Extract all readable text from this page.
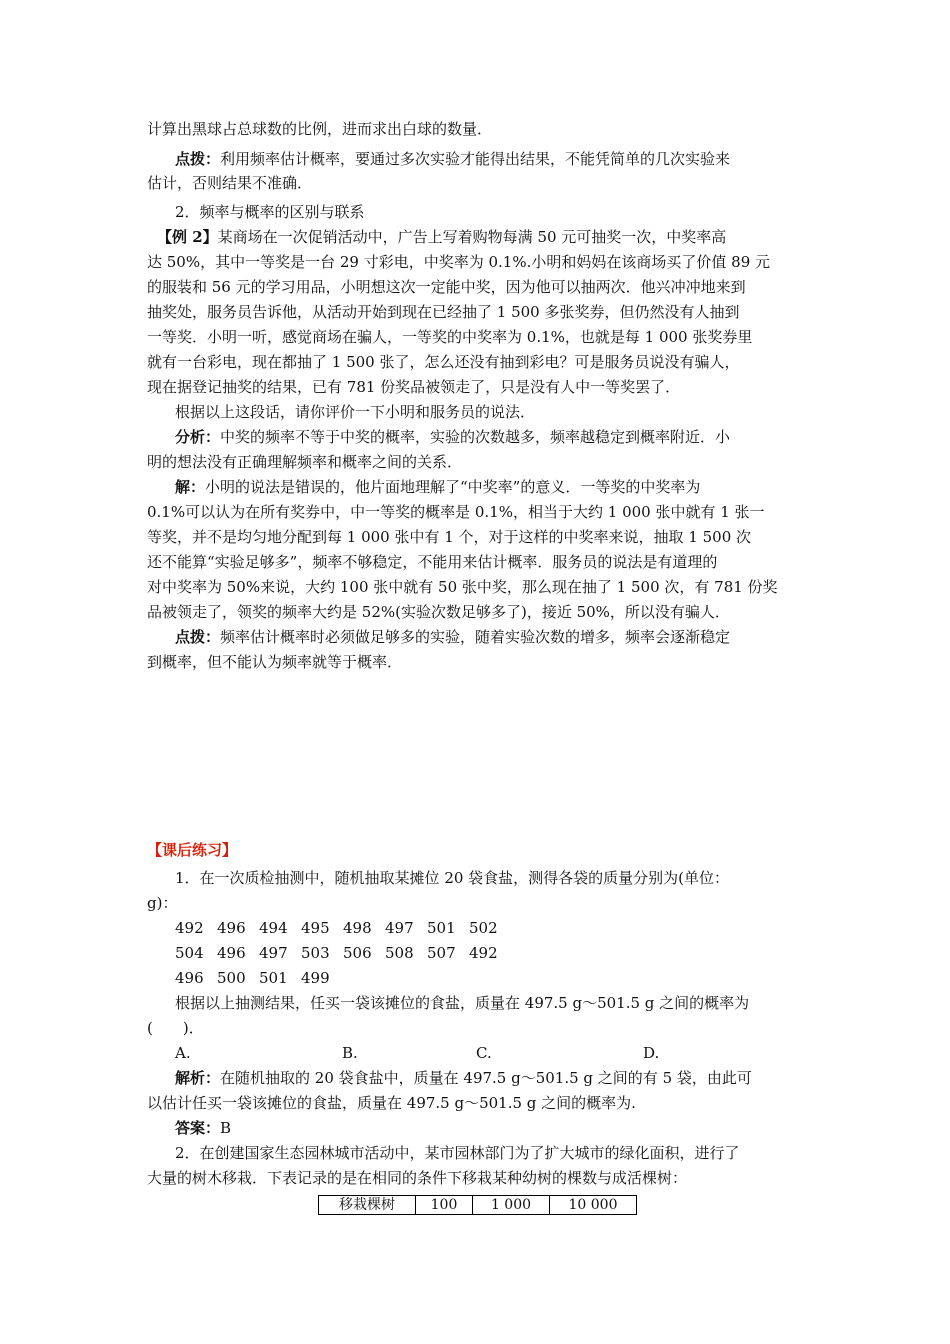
计算出黑球占总球数的比例，进而求出白球的数量．
点拨：利用频率估计概率，要通过多次实验才能得出结果，不能凭简单的几次实验来
估计，否则结果不准确．
2．频率与概率的区别与联系
【例 2】某商场在一次促销活动中，广告上写着购物每满 50 元可抽奖一次，中奖率高
达 50%，其中一等奖是一台 29 寸彩电，中奖率为 0.1%.小明和妈妈在该商场买了价值 89 元
的服装和 56 元的学习用品，小明想这次一定能中奖，因为他可以抽两次．他兴冲冲地来到
抽奖处，服务员告诉他，从活动开始到现在已经抽了 1 500 多张奖券，但仍然没有人抽到
一等奖．小明一听，感觉商场在骗人，一等奖的中奖率为 0.1%，也就是每 1 000 张奖券里
就有一台彩电，现在都抽了 1 500 张了，怎么还没有抽到彩电？可是服务员说没有骗人，
现在据登记抽奖的结果，已有 781 份奖品被领走了，只是没有人中一等奖罢了．
根据以上这段话，请你评价一下小明和服务员的说法．
分析：中奖的频率不等于中奖的概率，实验的次数越多，频率越稳定到概率附近．小
明的想法没有正确理解频率和概率之间的关系．
解：小明的说法是错误的，他片面地理解了“中奖率”的意义．一等奖的中奖率为
0.1%可以认为在所有奖券中，中一等奖的概率是 0.1%，相当于大约 1 000 张中就有 1 张一
等奖，并不是均匀地分配到每 1 000 张中有 1 个，对于这样的中奖率来说，抽取 1 500 次
还不能算“实验足够多”，频率不够稳定，不能用来估计概率．服务员的说法是有道理的
对中奖率为 50%来说，大约 100 张中就有 50 张中奖，那么现在抽了 1 500 次，有 781 份奖
品被领走了，领奖的频率大约是 52%(实验次数足够多了)，接近 50%，所以没有骗人．
点拨：频率估计概率时必须做足够多的实验，随着实验次数的增多，频率会逐渐稳定
到概率，但不能认为频率就等于概率．
【课后练习】
1．在一次质检抽测中，随机抽取某摊位 20 袋食盐，测得各袋的质量分别为(单位：
g)：
492 496 494 495 498 497 501 502
504 496 497 503 506 508 507 492
496 500 501 499
根据以上抽测结果，任买一袋该摊位的食盐，质量在 497.5 g～501.5 g 之间的概率为
(　　)．
A.	B.	C.	D.
解析：在随机抽取的 20 袋食盐中，质量在 497.5 g～501.5 g 之间的有 5 袋，由此可
以估计任买一袋该摊位的食盐，质量在 497.5 g～501.5 g 之间的概率为.
答案：B
2．在创建国家生态园林城市活动中，某市园林部门为了扩大城市的绿化面积，进行了
大量的树木移栽．下表记录的是在相同的条件下移栽某种幼树的棵数与成活棵树：
移栽棵树	100	1 000	10 000
